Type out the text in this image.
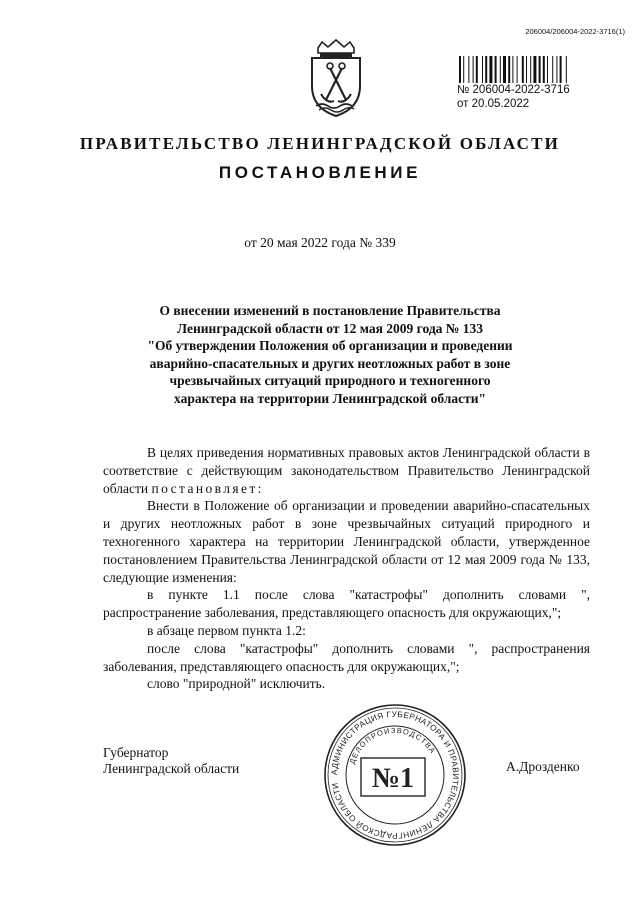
206004/206004-2022-3716(1)
№ 206004-2022-3716
от 20.05.2022
ПРАВИТЕЛЬСТВО ЛЕНИНГРАДСКОЙ ОБЛАСТИ
ПОСТАНОВЛЕНИЕ
от 20 мая 2022 года № 339
О внесении изменений в постановление Правительства
Ленинградской области от 12 мая 2009 года № 133
"Об утверждении Положения об организации и проведении
аварийно-спасательных и других неотложных работ в зоне
чрезвычайных ситуаций природного и техногенного
характера на территории Ленинградской области"

В целях приведения нормативных правовых актов Ленинградской области в соответствие с действующим законодательством Правительство Ленинградской области постановляет:

Внести в Положение об организации и проведении аварийно-спасательных и других неотложных работ в зоне чрезвычайных ситуаций природного и техногенного характера на территории Ленинградской области, утвержденное постановлением Правительства Ленинградской области от 12 мая 2009 года № 133, следующие изменения:

в пункте 1.1 после слова "катастрофы" дополнить словами ", распространение заболевания, представляющего опасность для окружающих,";

в абзаце первом пункта 1.2:

после слова "катастрофы" дополнить словами ", распространения заболевания, представляющего опасность для окружающих,";

слово "природной" исключить.

Губернатор
Ленинградской области	А.Дрозденко
АДМИНИСТРАЦИЯ ГУБЕРНАТОРА И ПРАВИТЕЛЬСТВА ЛЕНИНГРАДСКОЙ ОБЛАСТИ
ДЕЛОПРОИЗВОДСТВА
№1
